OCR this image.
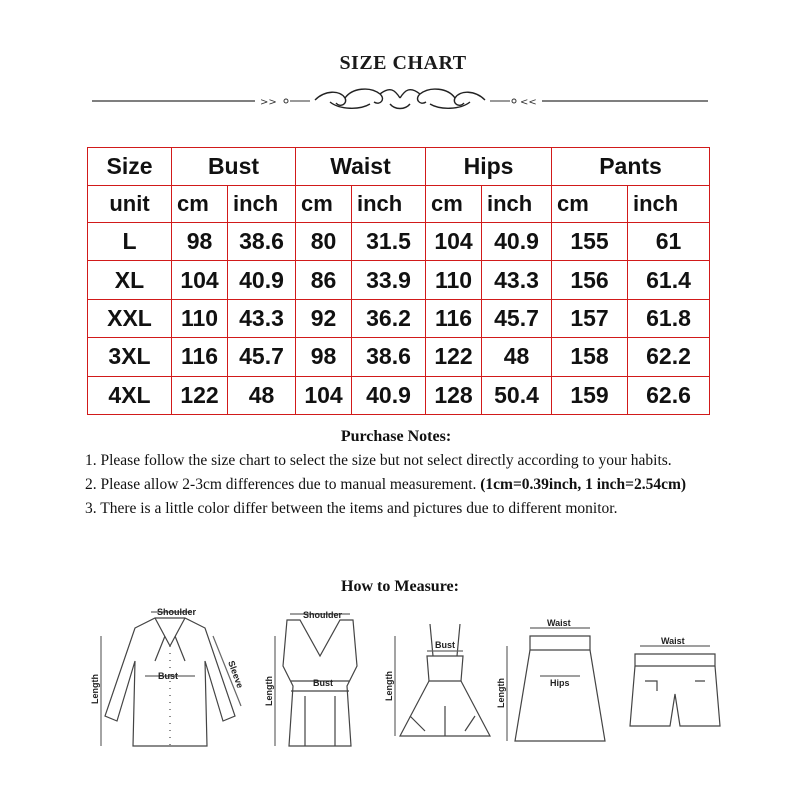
SIZE CHART
>>	<<
Size	Bust		Waist		Hips		Pants	
unit	cm	inch	cm	inch	cm	inch	cm	inch
L	98	38.6	80	31.5	104	40.9	155	61
XL	104	40.9	86	33.9	110	43.3	156	61.4
XXL	110	43.3	92	36.2	116	45.7	157	61.8
3XL	116	45.7	98	38.6	122	48	158	62.2
4XL	122	48	104	40.9	128	50.4	159	62.6
Purchase Notes:

1. Please follow the size chart to select the size but not select directly according to your habits.

2. Please allow 2-3cm differences due to manual measurement. (1cm=0.39inch, 1 inch=2.54cm)

3. There is a little color differ between the items and pictures due to different monitor.

How to Measure:
Shoulder
Bust	Sleeve
Length
Shoulder
Bust
Length
Bust
Length
Waist
Hips
Length
Waist
